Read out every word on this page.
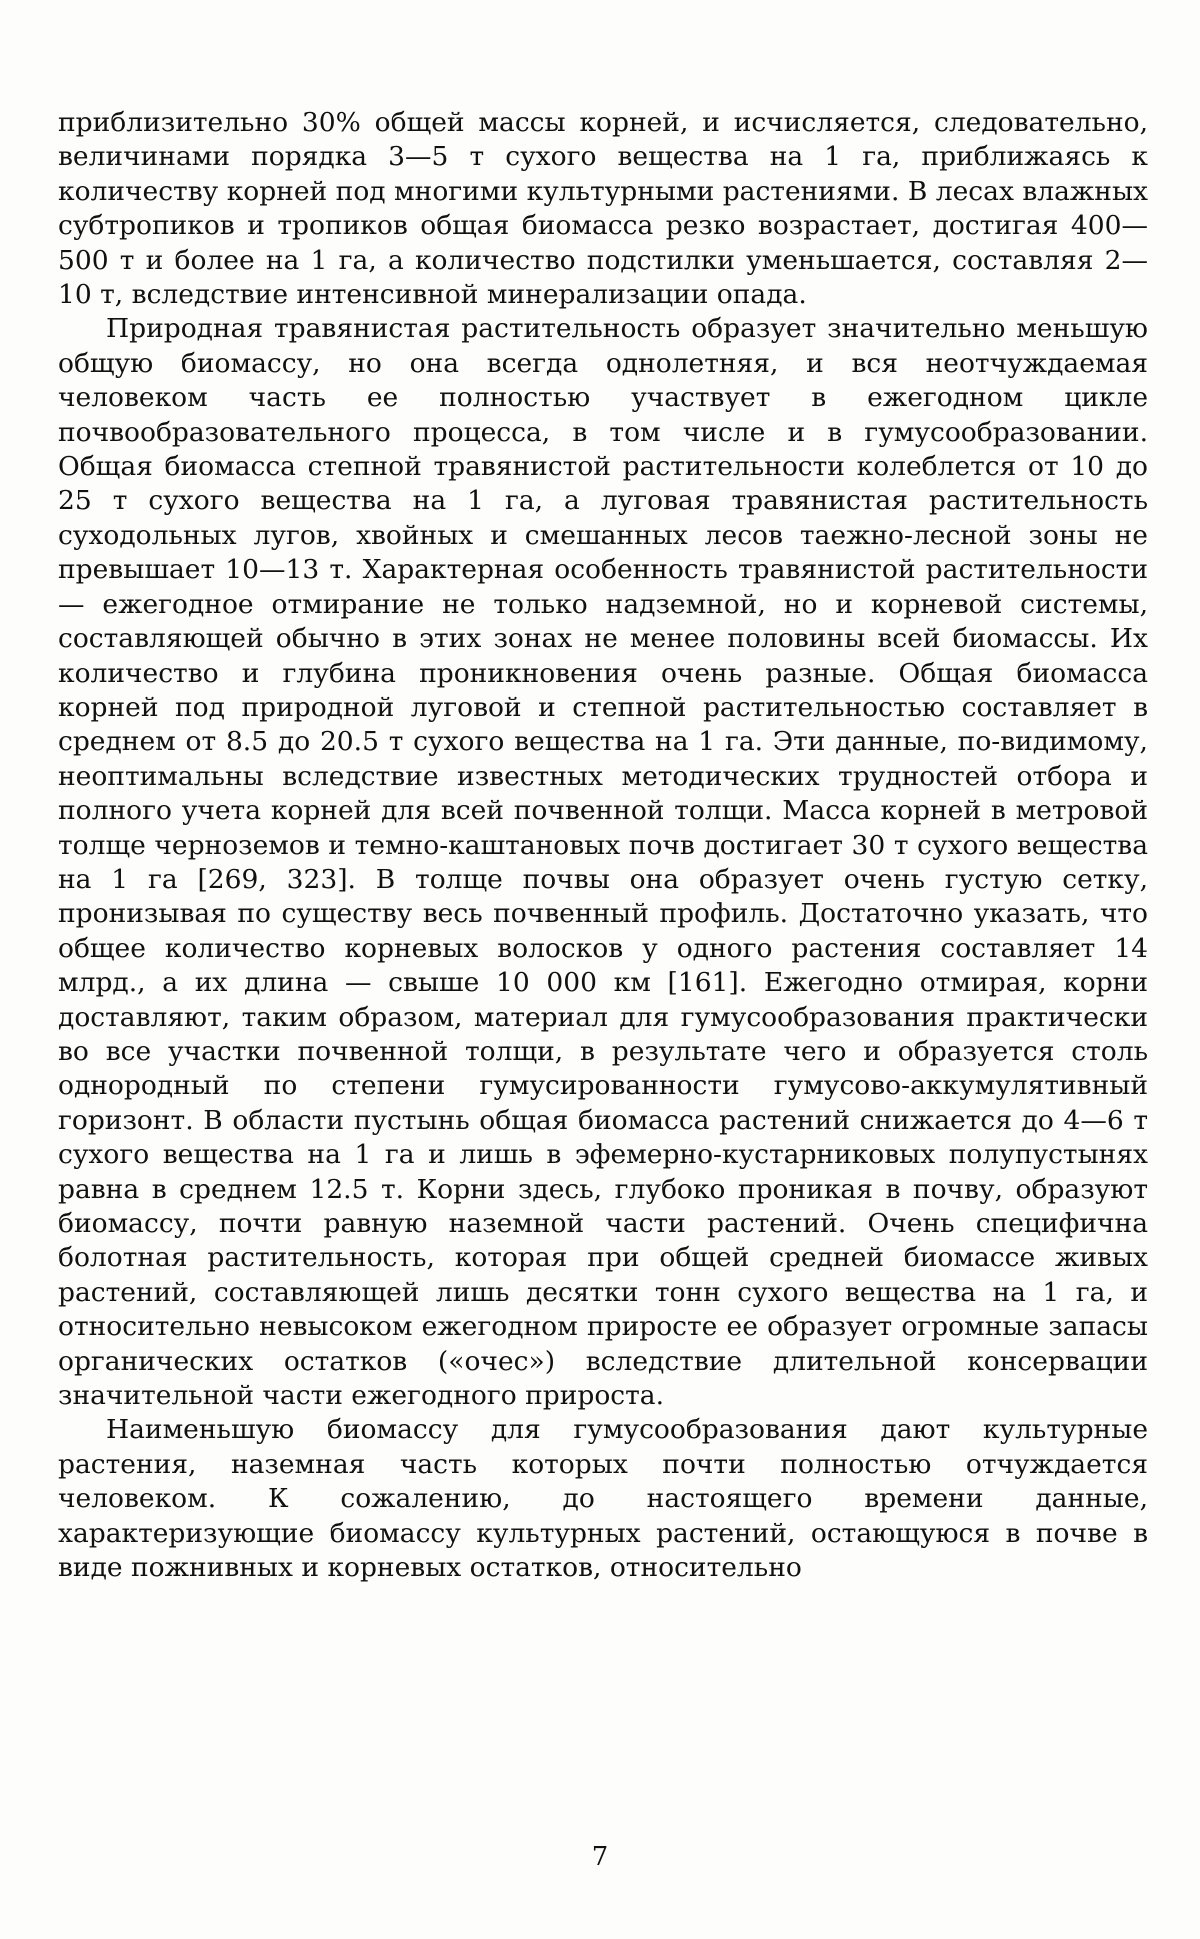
приблизительно 30% общей массы корней, и исчисляется, следовательно, величинами порядка 3—5 т сухого вещества на 1 га, приближаясь к количеству корней под многими культурными растениями. В лесах влажных субтропиков и тропиков общая биомасса резко возрастает, достигая 400—500 т и более на 1 га, а количество подстилки уменьшается, составляя 2—10 т, вследствие интенсивной минерализации опада.

Природная травянистая растительность образует значительно меньшую общую биомассу, но она всегда однолетняя, и вся неотчуждаемая человеком часть ее полностью участвует в ежегодном цикле почвообразовательного процесса, в том числе и в гумусообразовании. Общая биомасса степной травянистой растительности колеблется от 10 до 25 т сухого вещества на 1 га, а луговая травянистая растительность суходольных лугов, хвойных и смешанных лесов таежно-лесной зоны не превышает 10—13 т. Характерная особенность травянистой растительности — ежегодное отмирание не только надземной, но и корневой системы, составляющей обычно в этих зонах не менее половины всей биомассы. Их количество и глубина проникновения очень разные. Общая биомасса корней под природной луговой и степной растительностью составляет в среднем от 8.5 до 20.5 т сухого вещества на 1 га. Эти данные, по-видимому, неоптимальны вследствие известных методических трудностей отбора и полного учета корней для всей почвенной толщи. Масса корней в метровой толще черноземов и темно-каштановых почв достигает 30 т сухого вещества на 1 га [269, 323]. В толще почвы она образует очень густую сетку, пронизывая по существу весь почвенный профиль. Достаточно указать, что общее количество корневых волосков у одного растения составляет 14 млрд., а их длина — свыше 10 000 км [161]. Ежегодно отмирая, корни доставляют, таким образом, материал для гумусообразования практически во все участки почвенной толщи, в результате чего и образуется столь однородный по степени гумусированности гумусово-аккумулятивный горизонт. В области пустынь общая биомасса растений снижается до 4—6 т сухого вещества на 1 га и лишь в эфемерно-кустарниковых полупустынях равна в среднем 12.5 т. Корни здесь, глубоко проникая в почву, образуют биомассу, почти равную наземной части растений. Очень специфична болотная растительность, которая при общей средней биомассе живых растений, составляющей лишь десятки тонн сухого вещества на 1 га, и относительно невысоком ежегодном приросте ее образует огромные запасы органических остатков («очес») вследствие длительной консервации значительной части ежегодного прироста.

Наименьшую биомассу для гумусообразования дают культурные растения, наземная часть которых почти полностью отчуждается человеком. К сожалению, до настоящего времени данные, характеризующие биомассу культурных растений, остающуюся в почве в виде пожнивных и корневых остатков, относительно

7
